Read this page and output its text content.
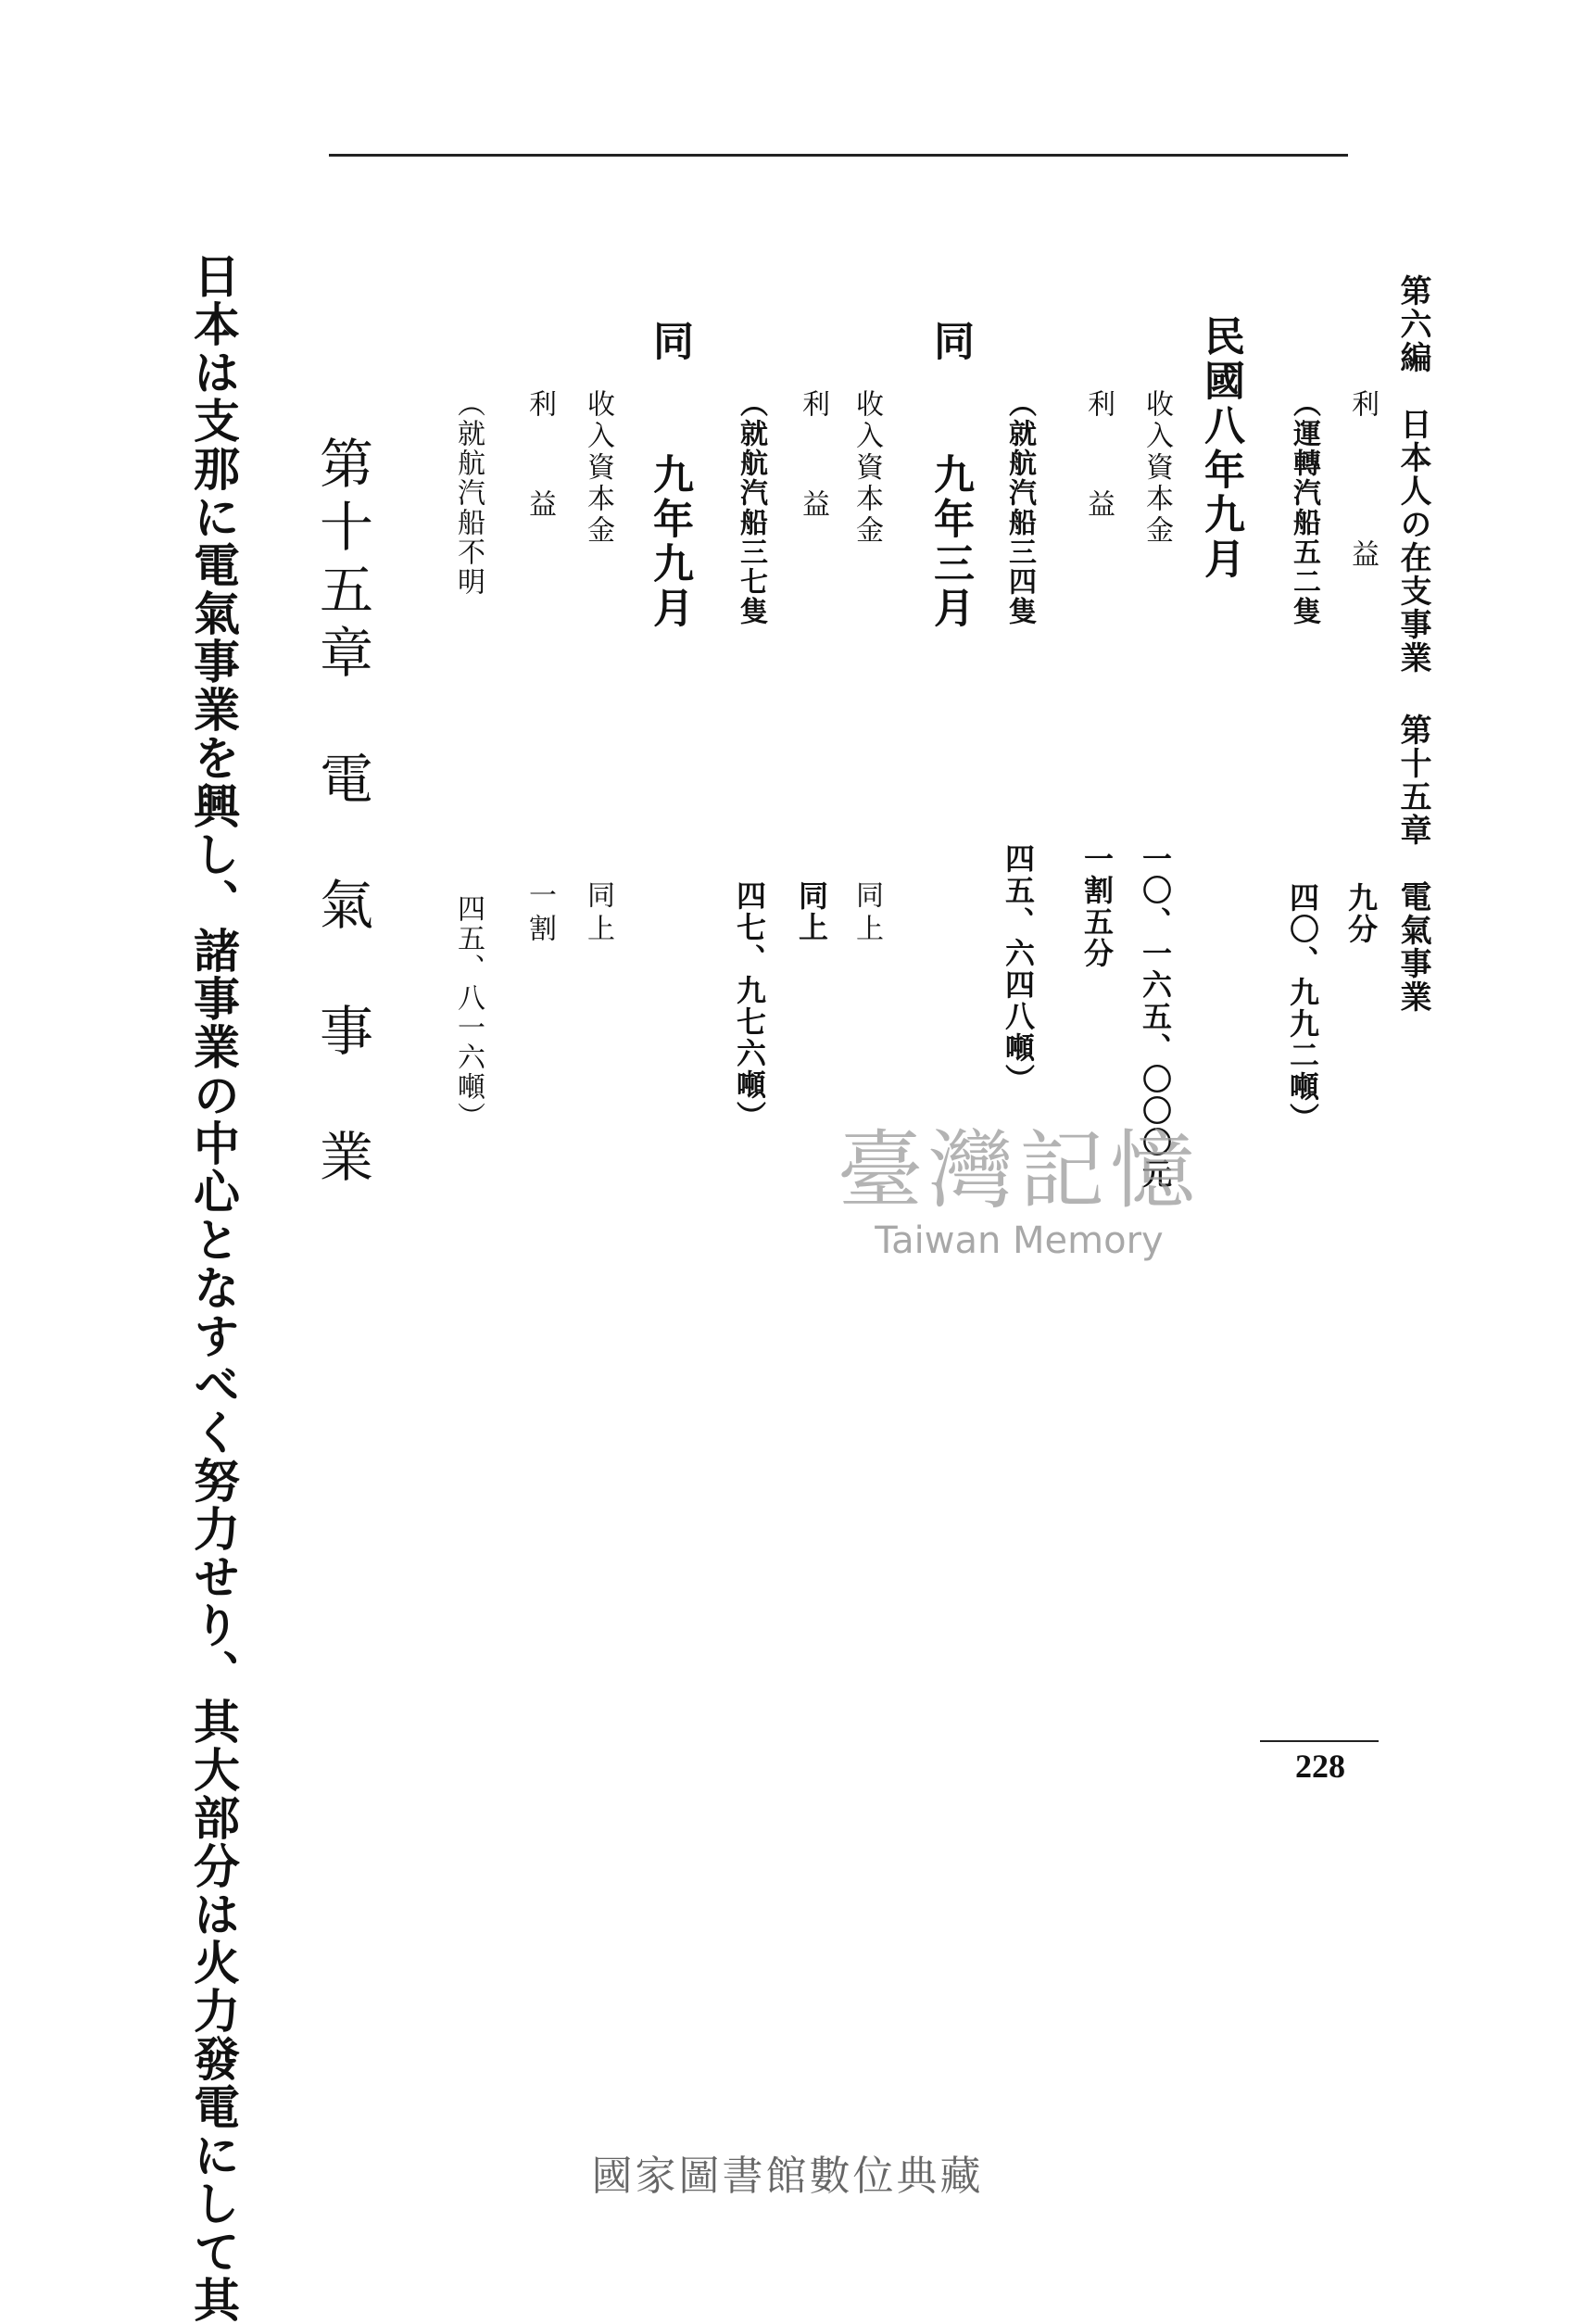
第六編　日本人の在支事業
第十五章　電氣事業
利　　益
九分
（運轉汽船五二隻
四〇、九九二噸）
民國八年九月
收入資本金
一〇、一六五、〇〇〇元
利　益
一割五分
（就航汽船三四隻
四五、六四八噸）
同　　九年三月
收入資本金
同上
利　益
同上
（就航汽船三七隻
四七、九七六噸）
同　　九年九月
收入資本金
同上
利　益
一割
（就航汽船不明
四五、八一六噸）
第十五章　電　氣　事　業
日本は支那に電氣事業を興し、諸事業の中心となすべく努力せり、其大部分は火力發電にして其	228
臺灣記憶
Taiwan Memory
國家圖書館數位典藏
